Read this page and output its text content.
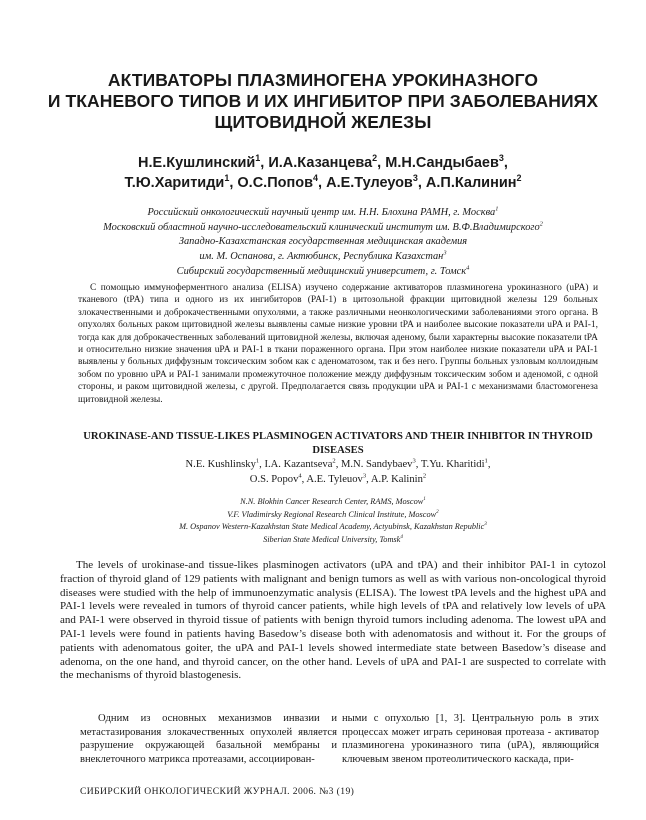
АКТИВАТОРЫ ПЛАЗМИНОГЕНА УРОКИНАЗНОГО
И ТКАНЕВОГО ТИПОВ И ИХ ИНГИБИТОР ПРИ ЗАБОЛЕВАНИЯХ
ЩИТОВИДНОЙ ЖЕЛЕЗЫ
Н.Е.Кушлинский$^1$, И.А.Казанцева$^2$, М.Н.Сандыбаев$^3$,
Т.Ю.Харитиди$^1$, О.С.Попов$^4$, А.Е.Тулеуов$^3$, А.П.Калинин$^2$
Российский онкологический научный центр им. Н.Н. Блохина РАМН, г. Москва$^1$
Московский областной научно-исследовательский клинический институт им. В.Ф.Владимирского$^2$
Западно-Казахстанская государственная медицинская академия
им. М. Оспанова, г. Актюбинск, Республика Казахстан$^3$
Сибирский государственный медицинский университет, г. Томск$^4$

С помощью иммуноферментного анализа (ELISA) изучено содержание активаторов плазминогена урокиназного (uPA) и тканевого (tPA) типа и одного из их ингибиторов (PAI-1) в цитозольной фракции щитовидной железы 129 больных злокачественными и доброкачественными опухолями, а также различными неонкологическими заболеваниями этого органа. В опухолях больных раком щитовидной железы выявлены самые низкие уровни tPA и наиболее высокие показатели uPA и PAI-1, тогда как для доброкачественных заболеваний щитовидной железы, включая аденому, были характерны высокие показатели tPA и относительно низкие значения uPA и PAI-1 в ткани пораженного органа. При этом наиболее низкие показатели uPA и PAI-1 выявлены у больных диффузным токсическим зобом как с аденоматозом, так и без него. Группы больных узловым коллоидным зобом по уровню uPA и PAI-1 занимали промежуточное положение между диффузным токсическим зобом и аденомой, с одной стороны, и раком щитовидной железы, с другой. Предполагается связь продукции uPA и PAI-1 с механизмами бластомогенеза щитовидной железы.

UROKINASE-AND TISSUE-LIKES PLASMINOGEN ACTIVATORS AND THEIR INHIBITOR IN THYROID DISEASES
N.E. Kushlinsky$^1$, I.A. Kazantseva$^2$, M.N. Sandybaev$^3$, T.Yu. Kharitidi$^1$,
O.S. Popov$^4$, A.E. Tyleuov$^3$, A.P. Kalinin$^2$
N.N. Blokhin Cancer Research Center, RAMS, Moscow$^1$
V.F. Vladimirsky Regional Research Clinical Institute, Moscow$^2$
M. Ospanov Western-Kazakhstan State Medical Academy, Actyubinsk, Kazakhstan Republic$^3$
Siberian State Medical University, Tomsk$^4$

The levels of urokinase-and tissue-likes plasminogen activators (uPA and tPA) and their inhibitor PAI-1 in cytozol fraction of thyroid gland of 129 patients with malignant and benign tumors as well as with various non-oncological thyroid diseases were studied with the help of immunoenzymatic analysis (ELISA). The lowest tPA levels and the highest uPA and PAI-1 levels were revealed in tumors of thyroid cancer patients, while high levels of tPA and relatively low levels of uPA and PAI-1 were observed in thyroid tissue of patients with benign thyroid tumors including adenoma. The lowest uPA and PAI-1 levels were found in patients having Basedow’s disease both with adenomatosis and without it. For the groups of patients with adenomatous goiter, the uPA and PAI-1 levels showed intermediate state between Basedow’s disease and adenoma, on the one hand, and thyroid cancer, on the other hand. Levels of uPA and PAI-1 are suspected to correlate with the mechanisms of thyroid blastogenesis.

Одним из основных механизмов инвазии и метастазирования злокачественных опухолей является разрушение окружающей базальной мембраны и внеклеточного матрикса протеазами, ассоциирован-

ными с опухолью [1, 3]. Центральную роль в этих процессах может играть сериновая протеаза - активатор плазминогена урокиназного типа (uPA), являющийся ключевым звеном протеолитического каскада, при-

СИБИРСКИЙ ОНКОЛОГИЧЕСКИЙ ЖУРНАЛ. 2006. №3 (19)
